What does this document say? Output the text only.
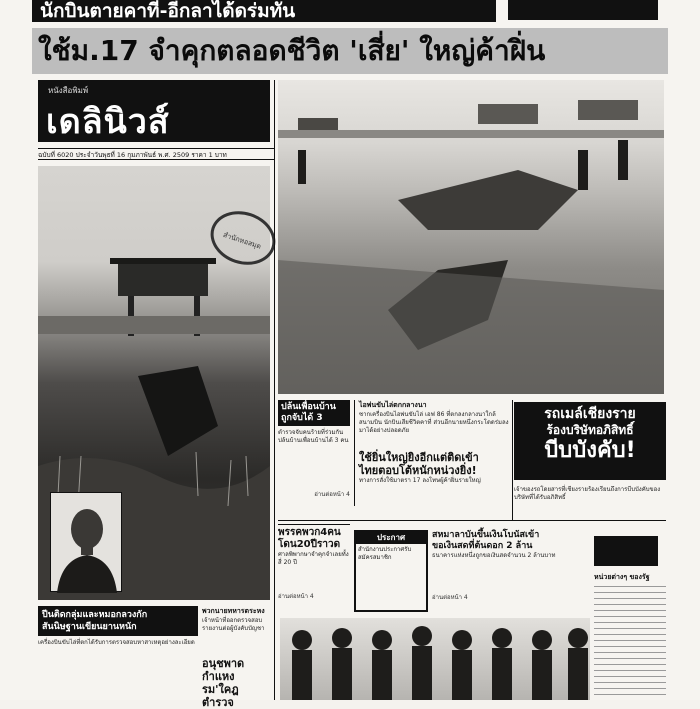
นักบินตายคาที่-อีกลาได้ดร่มทัน
ใช้ม.17 จำคุกตลอดชีวิต 'เสี่ย' ใหญ่ค้าฝิ่น
หนังสือพิมพ์
เดลินิวส์
ฉบับที่ 6020 ประจำวันพุธที่ 16 กุมภาพันธ์ พ.ศ. 2509 ราคา 1 บาท
สำนักหอสมุด
ปล้นเพื่อนบ้าน
ถูกจับได้ 3
ตำรวจจับคนร้ายที่ร่วมกันปล้นบ้านเพื่อนบ้านได้ 3 คน
อ่านต่อหน้า 4
ไอพ่นขับไล่ตกกลางนา
ซากเครื่องบินไอพ่นขับไล่ เอฟ 86 ที่ตกลงกลางนาใกล้สนามบิน นักบินเสียชีวิตคาที่ ส่วนอีกนายหนึ่งกระโดดร่มลงมาได้อย่างปลอดภัย
ใช้ยิ่นใหญ่ยิงอีกแต่ติดเข้า
ไทยตอบโต้หนักหน่วงยิ่ง!
ทางการสั่งใช้มาตรา 17 ลงโทษผู้ค้าฝิ่นรายใหญ่
รถเมล์เชียงราย
ร้องบริษัทอภิสิทธิ์
บีบบังคับ!
เจ้าของรถโดยสารที่เชียงรายร้องเรียนถึงการบีบบังคับของบริษัทที่ได้รับอภิสิทธิ์
พรรคพวก4คน
โดน20ปีราวด
ศาลพิพากษาจำคุกจำเลยทั้งสี่ 20 ปี
อ่านต่อหน้า 4
ประกาศ
สำนักงานประกาศรับสมัครสมาชิก
สหมาลาบันขึ้นเงินโบนัสเข้า
ขอเงินสดที่ต้นดอก 2 ล้าน
ธนาคารแห่งหนึ่งถูกขอเงินสดจำนวน 2 ล้านบาท
อ่านต่อหน้า 4
หน่วยต่างๆ ของรัฐ
ปีนติดกลุ่มและหมอกลวงกัก
สันนิษฐานเขียนยานหนัก
เครื่องบินขับไล่ที่ตกได้รับการตรวจสอบหาสาเหตุอย่างละเอียด
พวกนายทหารตระหง
เจ้าหน้าที่ออกตรวจสอบรายงานต่อผู้บังคับบัญชา
อนุชพาดกำแหง
รม'ใคฎ ตำรวจ
